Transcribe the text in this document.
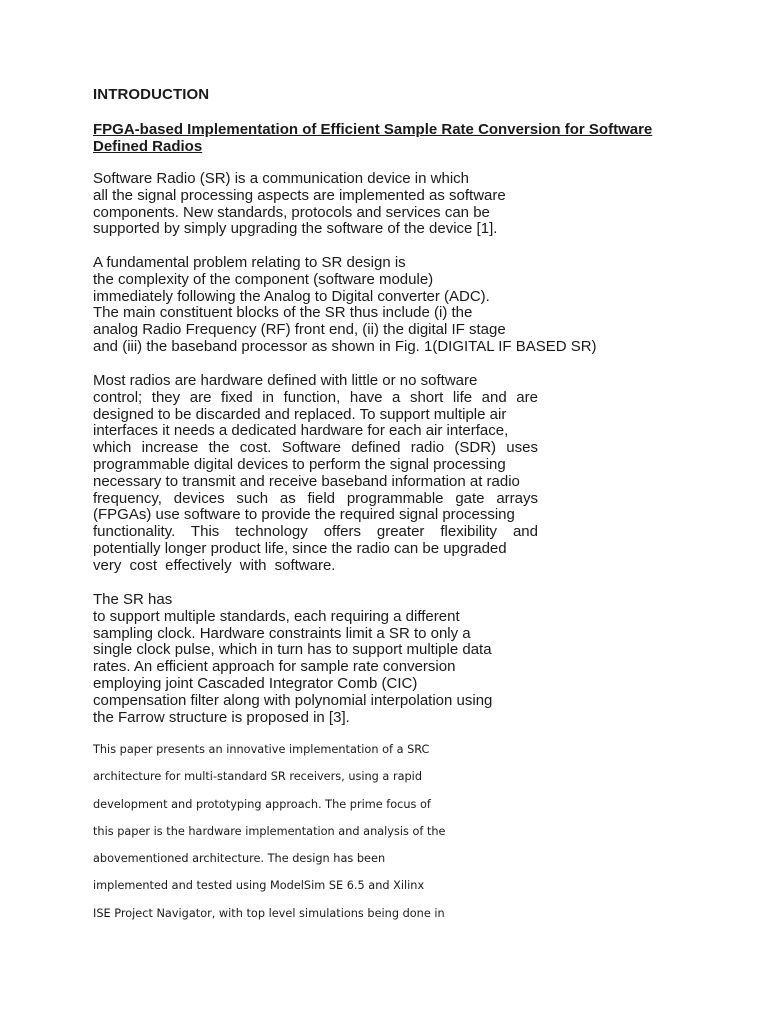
INTRODUCTION
FPGA-based Implementation of Efficient Sample Rate Conversion for Software
Defined Radios
Software Radio (SR) is a communication device in which
all the signal processing aspects are implemented as software
components. New standards, protocols and services can be
supported by simply upgrading the software of the device [1].
A fundamental problem relating to SR design is
the complexity of the component (software module)
immediately following the Analog to Digital converter (ADC).
The main constituent blocks of the SR thus include (i) the
analog Radio Frequency (RF) front end, (ii) the digital IF stage
and (iii) the baseband processor as shown in Fig. 1(DIGITAL IF BASED SR)
Most radios are hardware defined with little or no software
control; they are fixed in function, have a short life and are
designed to be discarded and replaced. To support multiple air
interfaces it needs a dedicated hardware for each air interface,
which increase the cost. Software defined radio (SDR) uses
programmable digital devices to perform the signal processing
necessary to transmit and receive baseband information at radio
frequency, devices such as field programmable gate arrays
(FPGAs) use software to provide the required signal processing
functionality. This technology offers greater flexibility and
potentially longer product life, since the radio can be upgraded
very cost effectively with software.
The SR has
to support multiple standards, each requiring a different
sampling clock. Hardware constraints limit a SR to only a
single clock pulse, which in turn has to support multiple data
rates. An efficient approach for sample rate conversion
employing joint Cascaded Integrator Comb (CIC)
compensation filter along with polynomial interpolation using
the Farrow structure is proposed in [3].
This paper presents an innovative implementation of a SRC
architecture for multi-standard SR receivers, using a rapid
development and prototyping approach. The prime focus of
this paper is the hardware implementation and analysis of the
abovementioned architecture. The design has been
implemented and tested using ModelSim SE 6.5 and Xilinx
ISE Project Navigator, with top level simulations being done in
